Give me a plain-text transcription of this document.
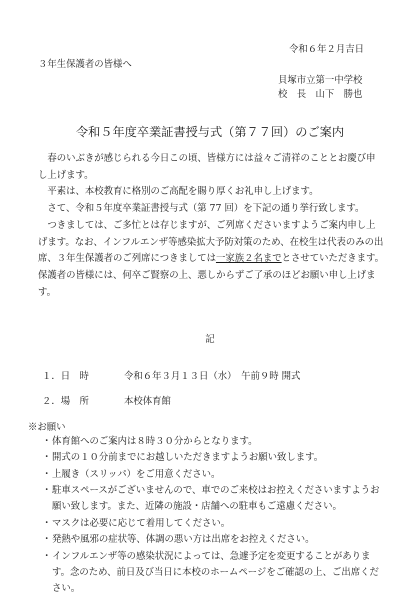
令和６年２月吉日
３年生保護者の皆様へ
貝塚市立第一中学校
校　長　山下　勝也
令和５年度卒業証書授与式（第７７回）のご案内

春のいぶきが感じられる今日この頃、皆様方には益々ご清祥のこととお慶び申し上げます。

平素は、本校教育に格別のご高配を賜り厚くお礼申し上げます。

さて、令和５年度卒業証書授与式（第 77 回）を下記の通り挙行致します。

つきましては、ご多忙とは存じますが、ご列席くださいますようご案内申し上げます。なお、インフルエンザ等感染拡大予防対策のため、在校生は代表のみの出席、３年生保護者のご列席につきましては一家族２名までとさせていただきます。保護者の皆様には、何卒ご賢察の上、悪しからずご了承のほどお願い申し上げます。

記
１．日　時	令和６年３月１３日（水）　午前９時 開式
２．場　所	本校体育館
※お願い
・ 体育館へのご案内は８時３０分からとなります。
・ 開式の１０分前までにお越しいただきますようお願い致します。
・ 上履き（スリッパ）をご用意ください。
・ 駐車スペースがございませんので、車でのご来校はお控えくださいますようお願い致します。また、近隣の施設・店舗への駐車もご遠慮ください。
・ マスクは必要に応じて着用してください。
・ 発熱や風邪の症状等、体調の悪い方は出席をお控えください。
・ インフルエンザ等の感染状況によっては、急遽予定を変更することがあります。念のため、前日及び当日に本校のホームページをご確認の上、ご出席ください。
